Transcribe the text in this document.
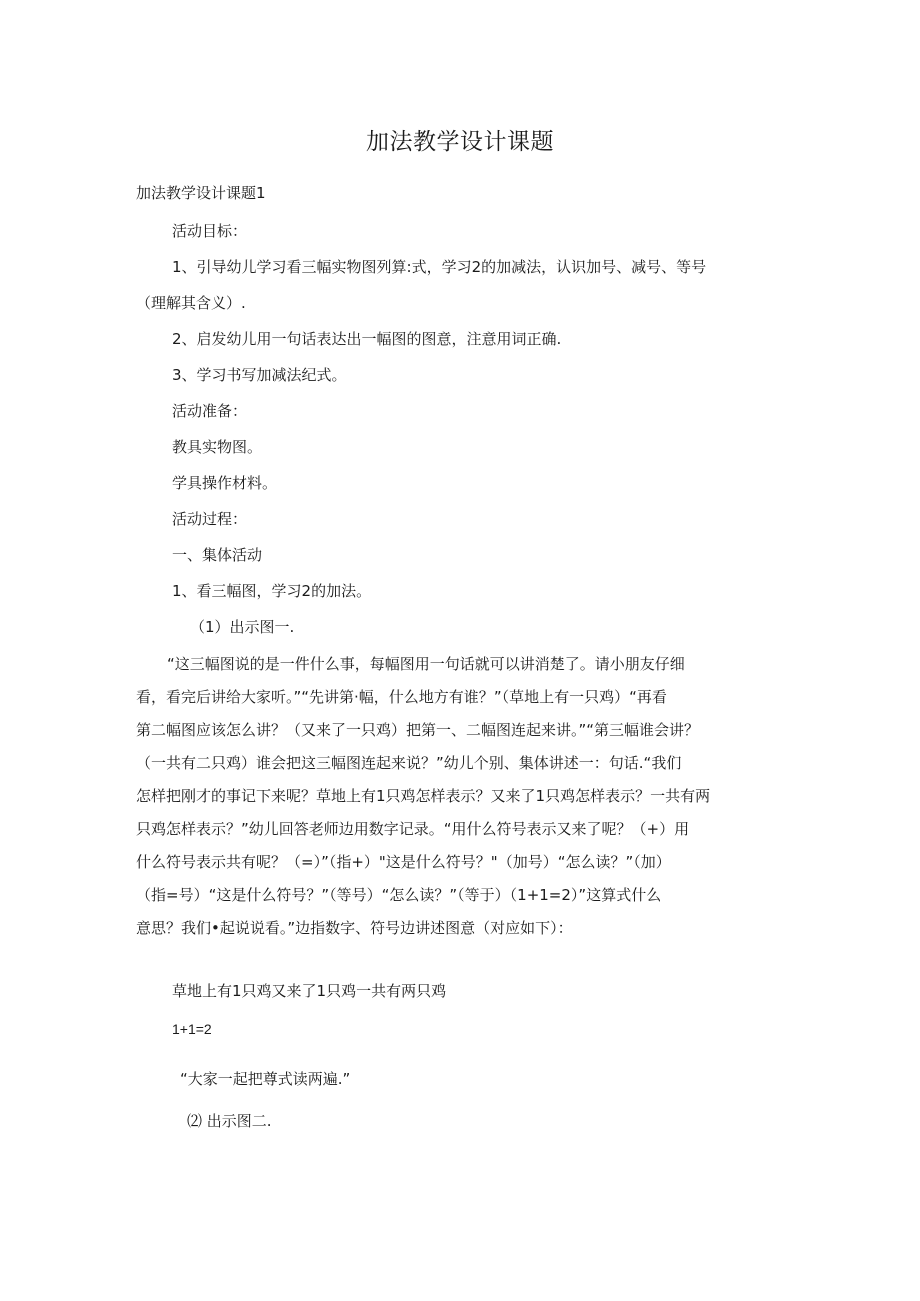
加法教学设计课题
加法教学设计课题1
活动目标：
1、引导幼儿学习看三幅实物图列算:式，学习2的加减法，认识加号、减号、等号
（理解其含义）.
2、启发幼儿用一句话表达出一幅图的图意，注意用词正确.
3、学习书写加减法纪式。
活动准备：
教具实物图。
学具操作材料。
活动过程：
一、集体活动
1、看三幅图，学习2的加法。
（1）出示图一.
“这三幅图说的是一件什么事，每幅图用一句话就可以讲消楚了。请小朋友仔细
看，看完后讲给大家听。”“先讲第·幅，什么地方有谁？”（草地上有一只鸡）“再看
第二幅图应该怎么讲？（又来了一只鸡）把第一、二幅图连起来讲。”“第三幅谁会讲？
（一共有二只鸡）谁会把这三幅图连起来说？”幼儿个别、集体讲述一：句话.“我们
怎样把刚才的事记下来呢？草地上有1只鸡怎样表示？又来了1只鸡怎样表示？一共有两
只鸡怎样表示？”幼儿回答老师边用数字记录。“用什么符号表示又来了呢？（+）用
什么符号表示共有呢？（=）”（指+）"这是什么符号？"（加号）“怎么读？”（加）
（指=号）“这是什么符号？”（等号）“怎么读？”（等于）（1+1=2）”这算式什么
意思？我们•起说说看。”边指数字、符号边讲述图意（对应如下）：
草地上有1只鸡又来了1只鸡一共有两只鸡
1+1=2
“大家一起把尊式读两遍.”
⑵ 出示图二.
